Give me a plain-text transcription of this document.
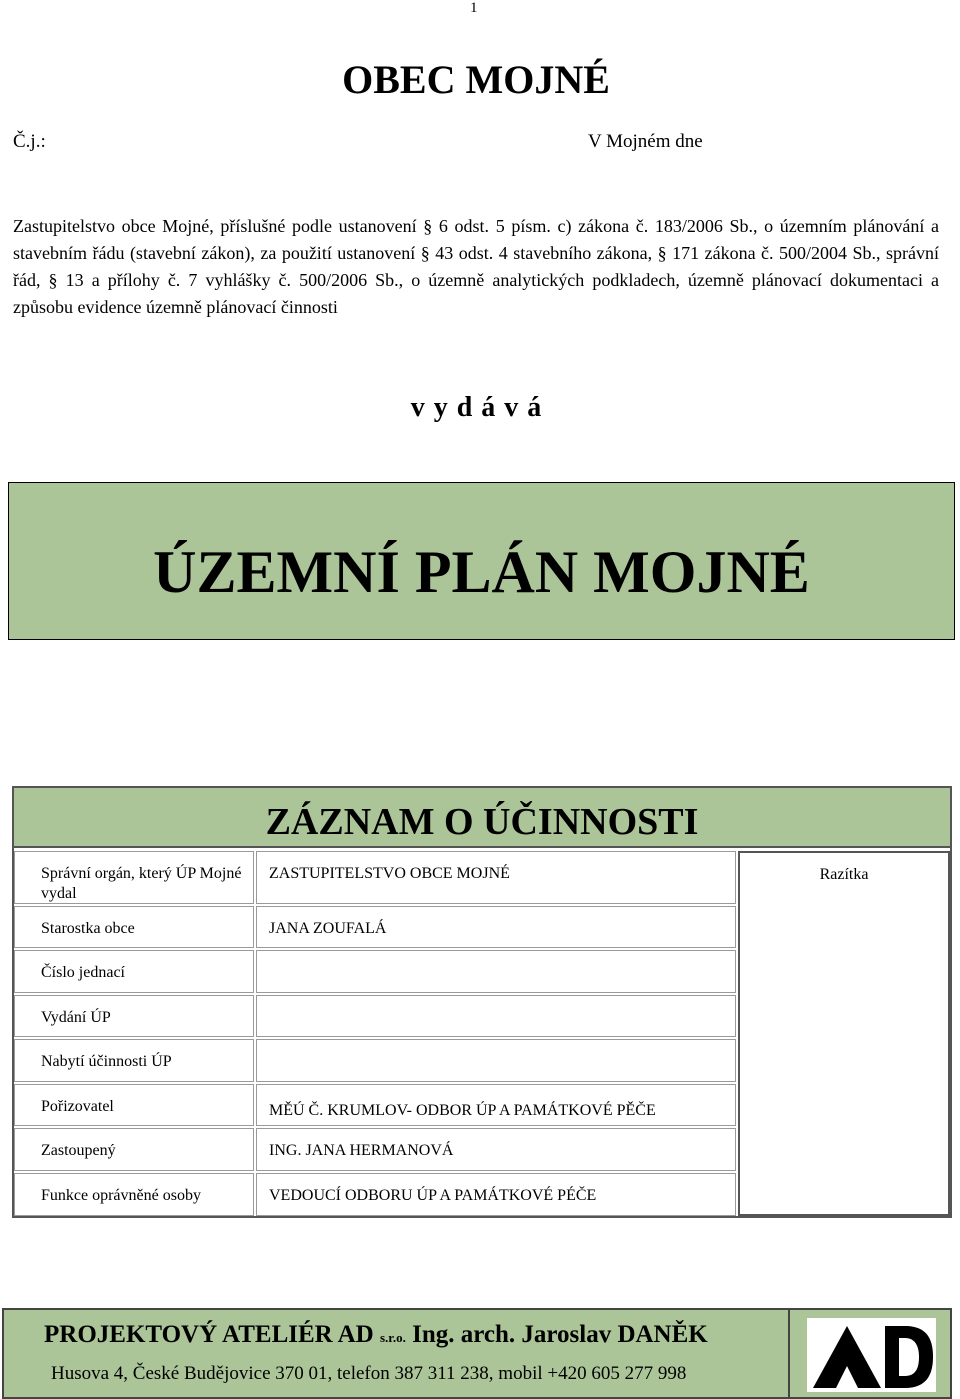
1
OBEC MOJNÉ
Č.j.:	V Mojném dne
Zastupitelstvo obce Mojné, příslušné podle ustanovení § 6 odst. 5 písm. c) zákona č. 183/2006 Sb., o územním plánování a stavebním řádu (stavební zákon), za použití ustanovení § 43 odst. 4 stavebního zákona, § 171 zákona č. 500/2004 Sb., správní řád, § 13 a přílohy č. 7 vyhlášky č. 500/2006 Sb., o územně analytických podkladech, územně plánovací dokumentaci a způsobu evidence územně plánovací činnosti
v y d á v á
ÚZEMNÍ PLÁN MOJNÉ
ZÁZNAM O ÚČINNOSTI
Správní orgán, který ÚP Mojné vydal
Starostka obce
Číslo jednací
Vydání ÚP
Nabytí účinnosti ÚP
Pořizovatel
Zastoupený
Funkce oprávněné osoby
ZASTUPITELSTVO OBCE MOJNÉ
JANA ZOUFALÁ
MĚÚ Č. KRUMLOV- ODBOR ÚP A PAMÁTKOVÉ PĚČE
ING. JANA HERMANOVÁ
VEDOUCÍ ODBORU ÚP A PAMÁTKOVÉ PÉČE
Razítka
PROJEKTOVÝ ATELIÉR AD s.r.o. Ing. arch. Jaroslav DANĚK
Husova 4, České Budějovice 370 01, telefon 387 311 238, mobil +420 605 277 998
